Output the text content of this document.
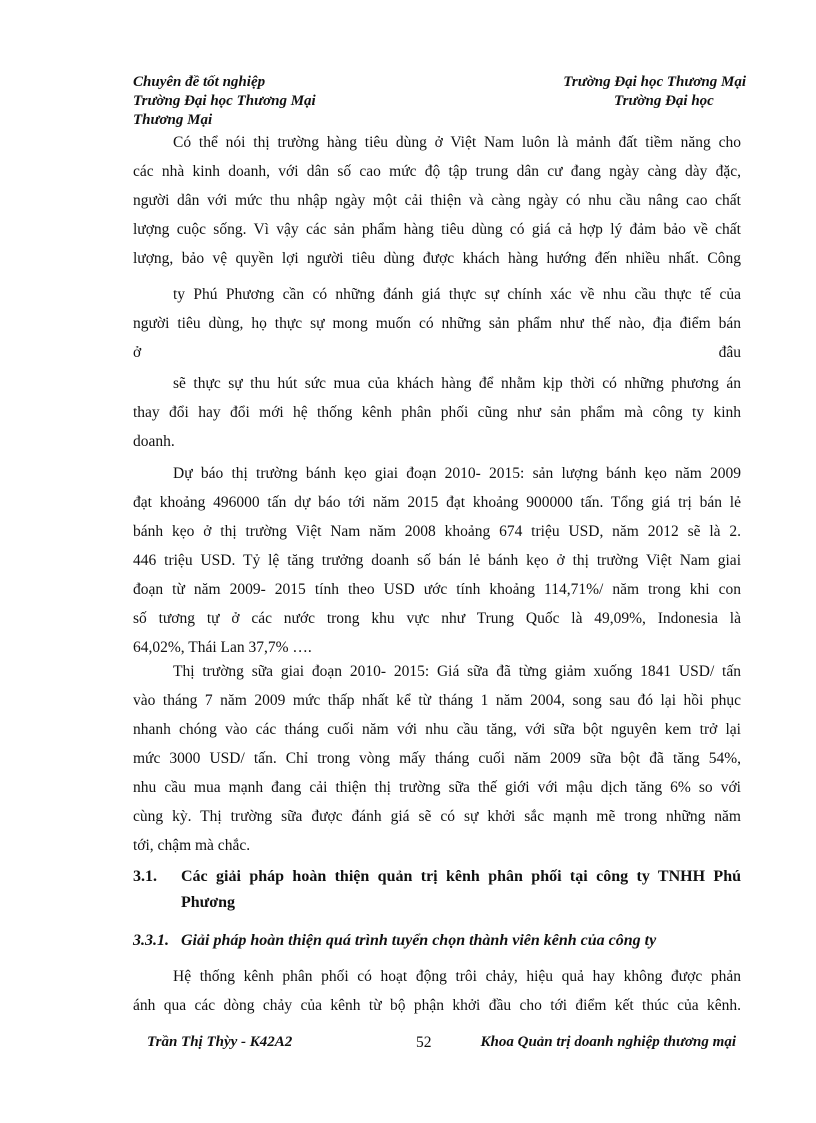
Chuyên đề tốt nghiệp
Trường Đại học Thương Mại
Thương Mại
Trường Đại học Thương Mại
Trường Đại học
Có thể nói thị trường hàng tiêu dùng ở Việt Nam luôn là mảnh đất tiềm năng cho
các nhà kinh doanh, với dân số cao mức độ tập trung dân cư đang ngày càng dày đặc,
người dân với mức thu nhập ngày một cải thiện và càng ngày có nhu cầu nâng cao chất
lượng cuộc sống. Vì vậy các sản phẩm hàng tiêu dùng có giá cả hợp lý đảm bảo về chất
lượng, bảo vệ quyền lợi người tiêu dùng được khách hàng hướng đến nhiều nhất. Công
ty Phú Phương cần có những đánh giá thực sự chính xác về nhu cầu thực tế của
người tiêu dùng, họ thực sự mong muốn có những sản phẩm như thế nào, địa điểm bán
ở	đâu
sẽ thực sự thu hút sức mua của khách hàng để nhằm kịp thời có những phương án
thay đổi hay đổi mới hệ thống kênh phân phối cũng như sản phẩm mà công ty kinh
doanh.
Dự báo thị trường bánh kẹo giai đoạn 2010- 2015: sản lượng bánh kẹo năm 2009
đạt khoảng 496000 tấn dự báo tới năm 2015 đạt khoảng 900000 tấn. Tổng giá trị bán lẻ
bánh kẹo ở thị trường Việt Nam năm 2008 khoảng 674 triệu USD, năm 2012 sẽ là 2.
446 triệu USD. Tỷ lệ tăng trưởng doanh số bán lẻ bánh kẹo ở thị trường Việt Nam giai
đoạn từ năm 2009- 2015 tính theo USD ước tính khoảng 114,71%/ năm trong khi con
số tương tự ở các nước trong khu vực như Trung Quốc là 49,09%, Indonesia là
64,02%, Thái Lan 37,7% ….
Thị trường sữa giai đoạn 2010- 2015: Giá sữa đã từng giảm xuống 1841 USD/ tấn
vào tháng 7 năm 2009 mức thấp nhất kể từ tháng 1 năm 2004, song sau đó lại hồi phục
nhanh chóng vào các tháng cuối năm với nhu cầu tăng, với sữa bột nguyên kem trở lại
mức 3000 USD/ tấn. Chỉ trong vòng mấy tháng cuối năm 2009 sữa bột đã tăng 54%,
nhu cầu mua mạnh đang cải thiện thị trường sữa thế giới với mậu dịch tăng 6% so với
cùng kỳ. Thị trường sữa được đánh giá sẽ có sự khởi sắc mạnh mẽ trong những năm
tới, chậm mà chắc.
3.1. Các giải pháp hoàn thiện quản trị kênh phân phối tại công ty TNHH Phú
Phương
3.3.1. Giải pháp hoàn thiện quá trình tuyển chọn thành viên kênh của công ty
Hệ thống kênh phân phối có hoạt động trôi chảy, hiệu quả hay không được phản
ánh qua các dòng chảy của kênh từ bộ phận khởi đầu cho tới điểm kết thúc của kênh.
Trần Thị Thỳy - K42A2	52	Khoa Quản trị doanh nghiệp thương mại
